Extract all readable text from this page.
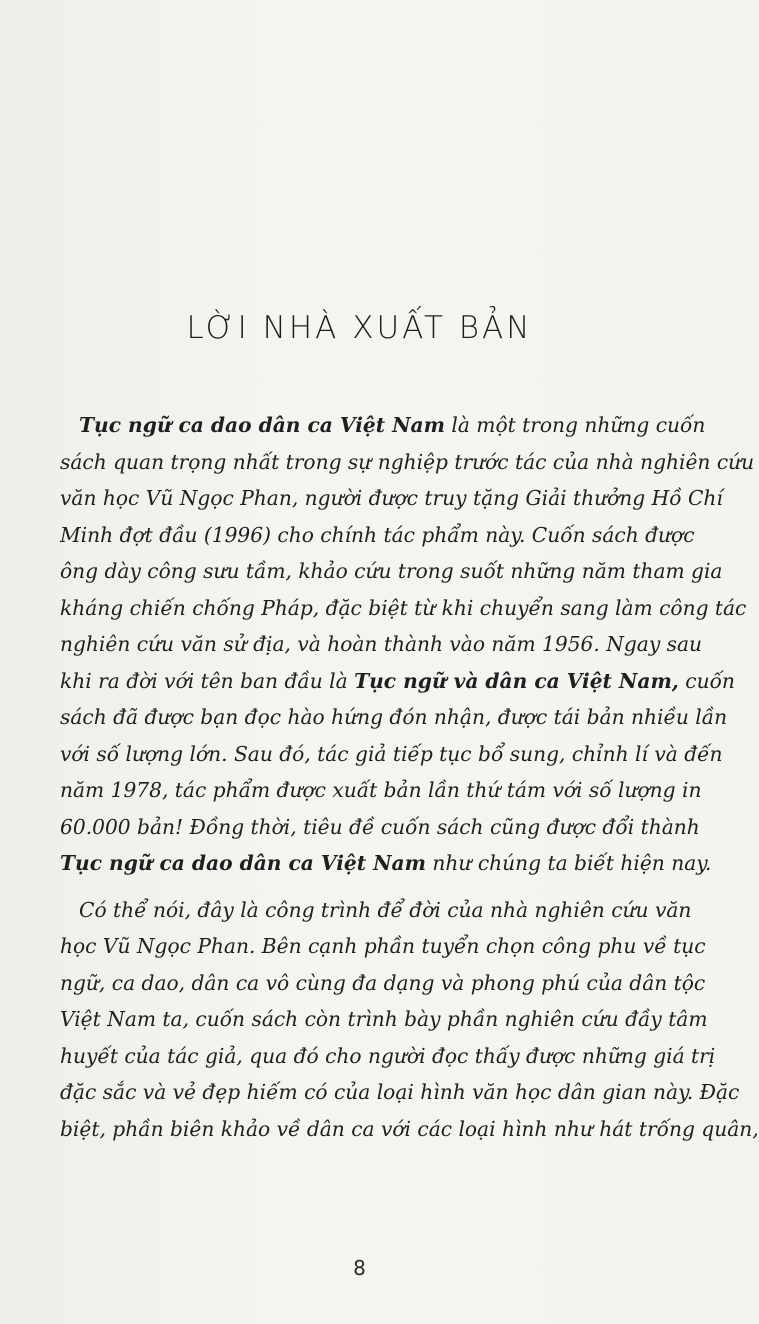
LỜI NHÀ XUẤT BẢN
Tục ngữ ca dao dân ca Việt Nam là một trong những cuốn
sách quan trọng nhất trong sự nghiệp trước tác của nhà nghiên cứu
văn học Vũ Ngọc Phan, người được truy tặng Giải thưởng Hồ Chí
Minh đợt đầu (1996) cho chính tác phẩm này. Cuốn sách được
ông dày công sưu tầm, khảo cứu trong suốt những năm tham gia
kháng chiến chống Pháp, đặc biệt từ khi chuyển sang làm công tác
nghiên cứu văn sử địa, và hoàn thành vào năm 1956. Ngay sau
khi ra đời với tên ban đầu là Tục ngữ và dân ca Việt Nam, cuốn
sách đã được bạn đọc hào hứng đón nhận, được tái bản nhiều lần
với số lượng lớn. Sau đó, tác giả tiếp tục bổ sung, chỉnh lí và đến
năm 1978, tác phẩm được xuất bản lần thứ tám với số lượng in
60.000 bản! Đồng thời, tiêu đề cuốn sách cũng được đổi thành
Tục ngữ ca dao dân ca Việt Nam như chúng ta biết hiện nay.
Có thể nói, đây là công trình để đời của nhà nghiên cứu văn
học Vũ Ngọc Phan. Bên cạnh phần tuyển chọn công phu về tục
ngữ, ca dao, dân ca vô cùng đa dạng và phong phú của dân tộc
Việt Nam ta, cuốn sách còn trình bày phần nghiên cứu đầy tâm
huyết của tác giả, qua đó cho người đọc thấy được những giá trị
đặc sắc và vẻ đẹp hiếm có của loại hình văn học dân gian này. Đặc
biệt, phần biên khảo về dân ca với các loại hình như hát trống quân,
8
